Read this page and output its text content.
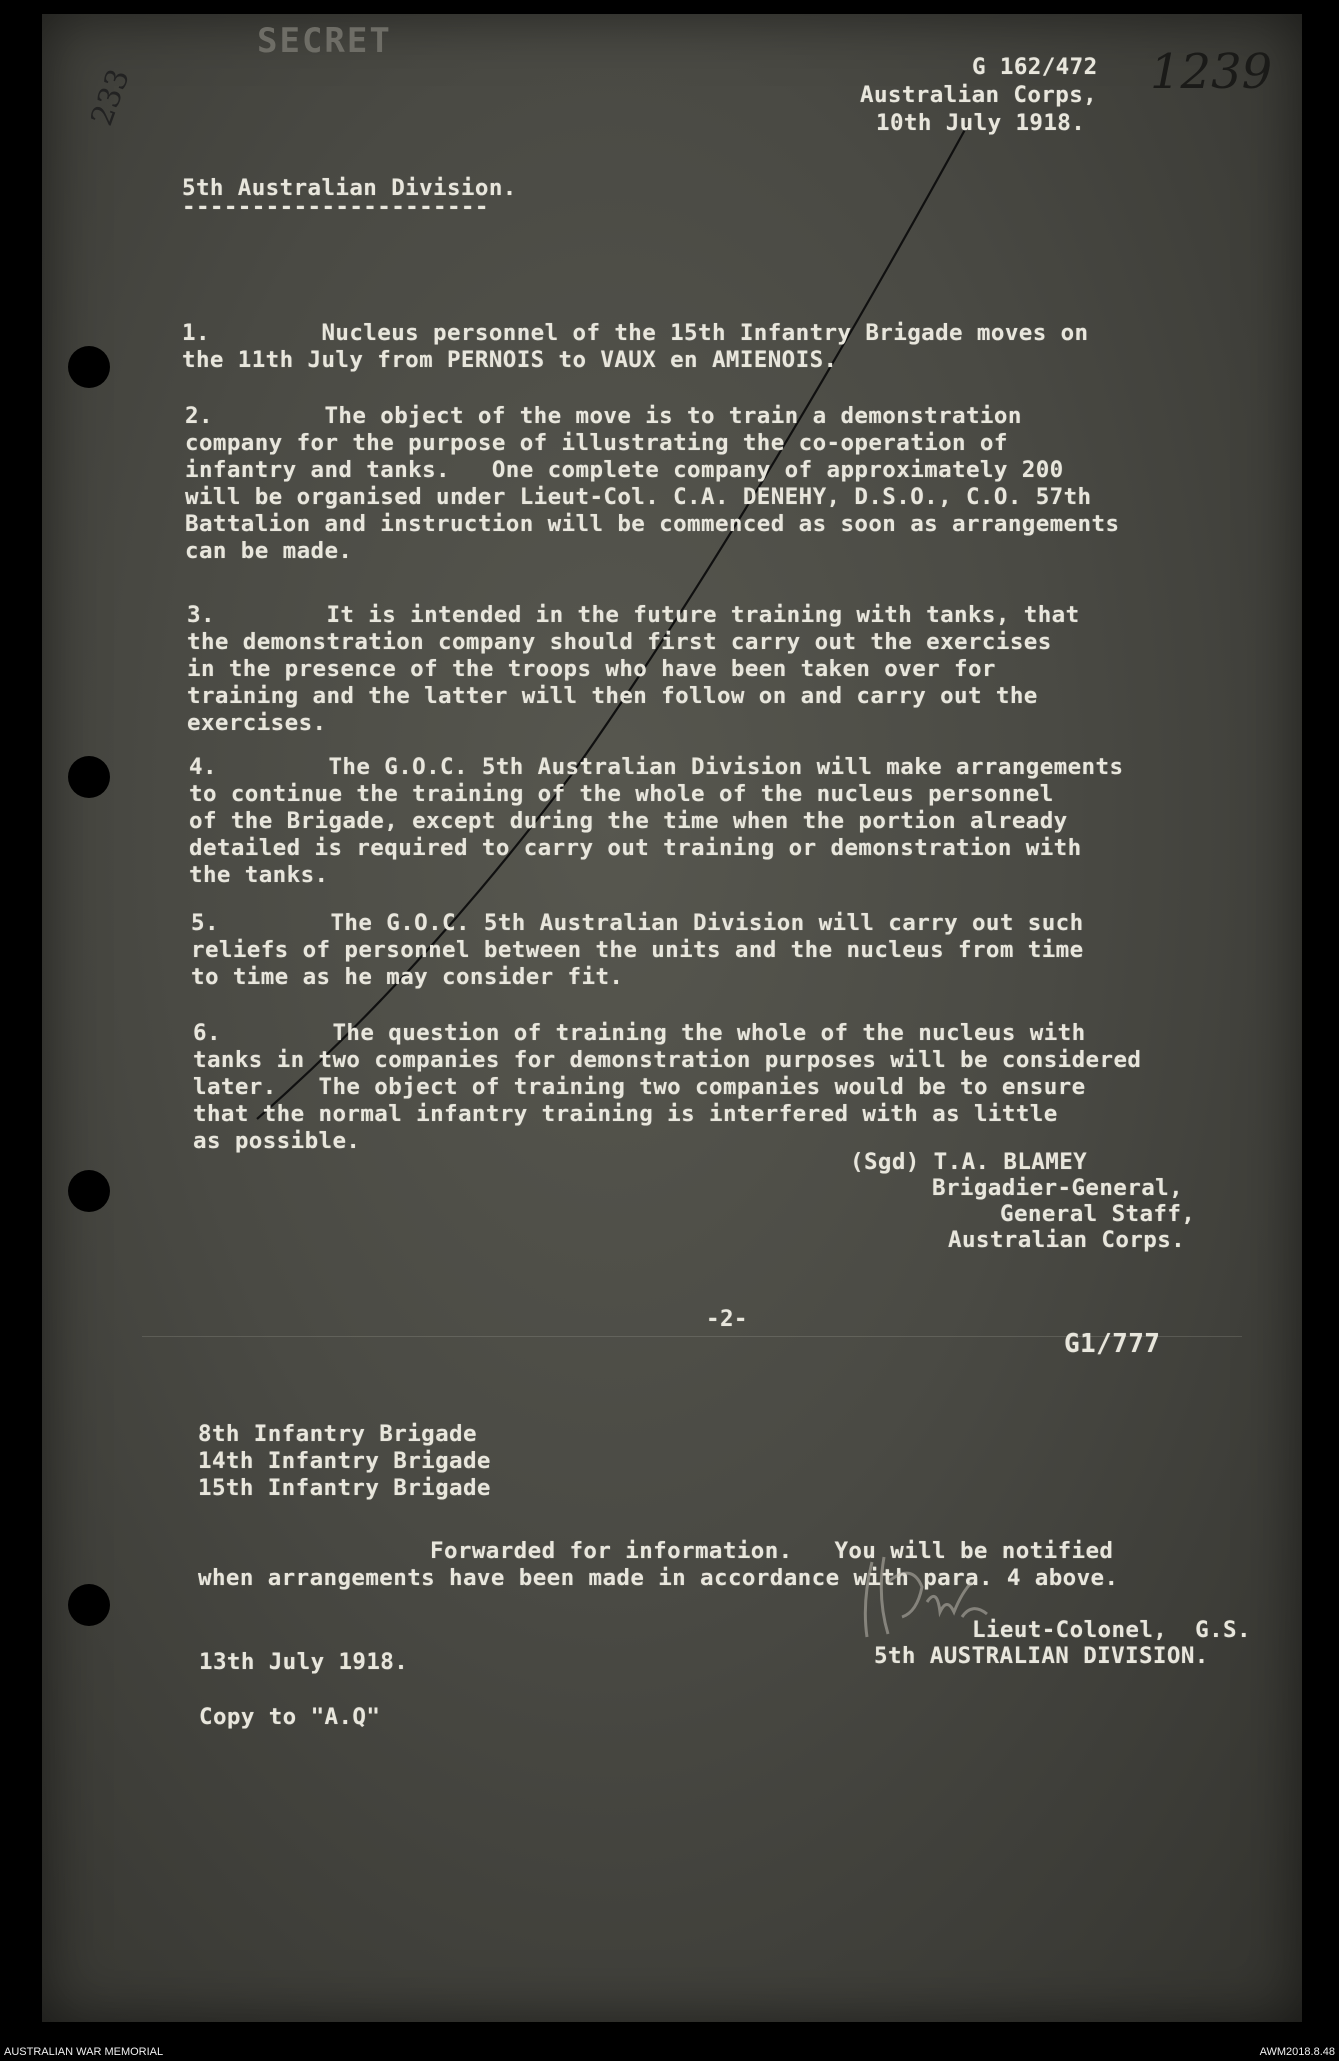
SECRET
233	1239
G 162/472
Australian Corps,
10th July 1918.
5th Australian Division.
----------------------

1.        Nucleus personnel of the 15th Infantry Brigade moves on
the 11th July from PERNOIS to VAUX en AMIENOIS.

2.        The object of the move is to train a demonstration
company for the purpose of illustrating the co-operation of
infantry and tanks.   One complete company of approximately 200
will be organised under Lieut-Col. C.A. DENEHY, D.S.O., C.O. 57th
Battalion and instruction will be commenced as soon as arrangements
can be made.

3.        It is intended in the future training with tanks, that
the demonstration company should first carry out the exercises
in the presence of the troops who have been taken over for
training and the latter will then follow on and carry out the
exercises.

4.        The G.O.C. 5th Australian Division will make arrangements
to continue the training of the whole of the nucleus personnel
of the Brigade, except during the time when the portion already
detailed is required to carry out training or demonstration with
the tanks.

5.        The G.O.C. 5th Australian Division will carry out such
reliefs of personnel between the units and the nucleus from time
to time as he may consider fit.

6.        The question of training the whole of the nucleus with
tanks in two companies for demonstration purposes will be considered
later.   The object of training two companies would be to ensure
that the normal infantry training is interfered with as little
as possible.

(Sgd) T.A. BLAMEY
Brigadier-General,
General Staff,
Australian Corps.
-2-
G1/777

8th Infantry Brigade
14th Infantry Brigade
15th Infantry Brigade

Forwarded for information.   You will be notified
when arrangements have been made in accordance with para. 4 above.

Lieut-Colonel,  G.S.
5th AUSTRALIAN DIVISION.
13th July 1918.
Copy to "A.Q"
AUSTRALIAN WAR MEMORIAL	AWM2018.8.48
